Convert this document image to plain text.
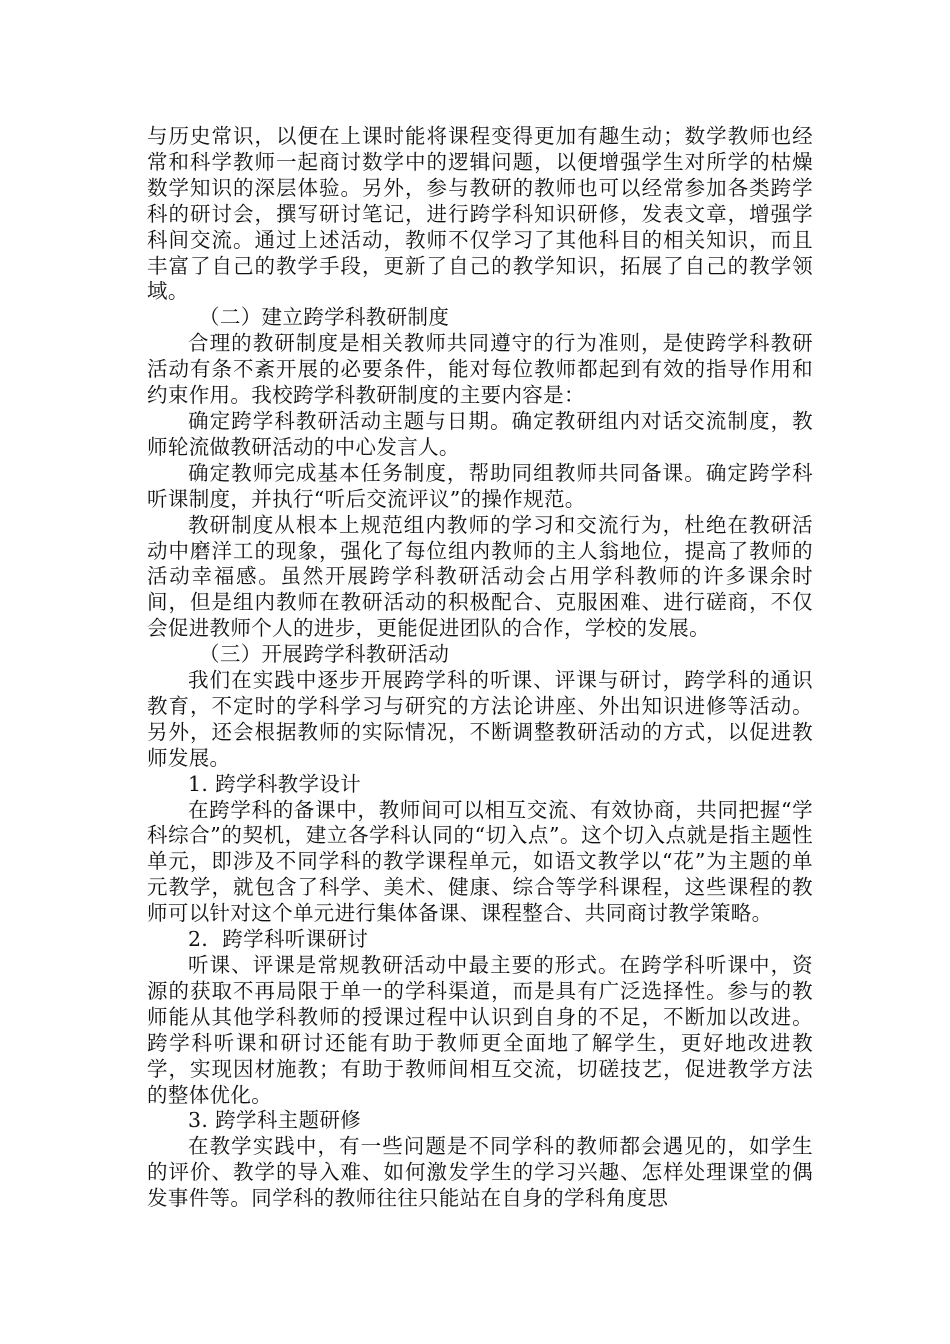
与历史常识，以便在上课时能将课程变得更加有趣生动；数学教师也经常和科学教师一起商讨数学中的逻辑问题，以便增强学生对所学的枯燥数学知识的深层体验。另外，参与教研的教师也可以经常参加各类跨学科的研讨会，撰写研讨笔记，进行跨学科知识研修，发表文章，增强学科间交流。通过上述活动，教师不仅学习了其他科目的相关知识，而且丰富了自己的教学手段，更新了自己的教学知识，拓展了自己的教学领域。

（二）建立跨学科教研制度

合理的教研制度是相关教师共同遵守的行为准则，是使跨学科教研活动有条不紊开展的必要条件，能对每位教师都起到有效的指导作用和约束作用。我校跨学科教研制度的主要内容是：

确定跨学科教研活动主题与日期。确定教研组内对话交流制度，教师轮流做教研活动的中心发言人。

确定教师完成基本任务制度，帮助同组教师共同备课。确定跨学科听课制度，并执行“听后交流评议”的操作规范。

教研制度从根本上规范组内教师的学习和交流行为，杜绝在教研活动中磨洋工的现象，强化了每位组内教师的主人翁地位，提高了教师的活动幸福感。虽然开展跨学科教研活动会占用学科教师的许多课余时间，但是组内教师在教研活动的积极配合、克服困难、进行磋商，不仅会促进教师个人的进步，更能促进团队的合作，学校的发展。

（三）开展跨学科教研活动

我们在实践中逐步开展跨学科的听课、评课与研讨，跨学科的通识教育，不定时的学科学习与研究的方法论讲座、外出知识进修等活动。另外，还会根据教师的实际情况，不断调整教研活动的方式，以促进教师发展。

1. 跨学科教学设计

在跨学科的备课中，教师间可以相互交流、有效协商，共同把握“学科综合”的契机，建立各学科认同的“切入点”。这个切入点就是指主题性单元，即涉及不同学科的教学课程单元，如语文教学以“花”为主题的单元教学，就包含了科学、美术、健康、综合等学科课程，这些课程的教师可以针对这个单元进行集体备课、课程整合、共同商讨教学策略。

2．跨学科听课研讨

听课、评课是常规教研活动中最主要的形式。在跨学科听课中，资源的获取不再局限于单一的学科渠道，而是具有广泛选择性。参与的教师能从其他学科教师的授课过程中认识到自身的不足，不断加以改进。跨学科听课和研讨还能有助于教师更全面地了解学生，更好地改进教学，实现因材施教；有助于教师间相互交流，切磋技艺，促进教学方法的整体优化。

3. 跨学科主题研修

在教学实践中，有一些问题是不同学科的教师都会遇见的，如学生的评价、教学的导入难、如何激发学生的学习兴趣、怎样处理课堂的偶发事件等。同学科的教师往往只能站在自身的学科角度思
